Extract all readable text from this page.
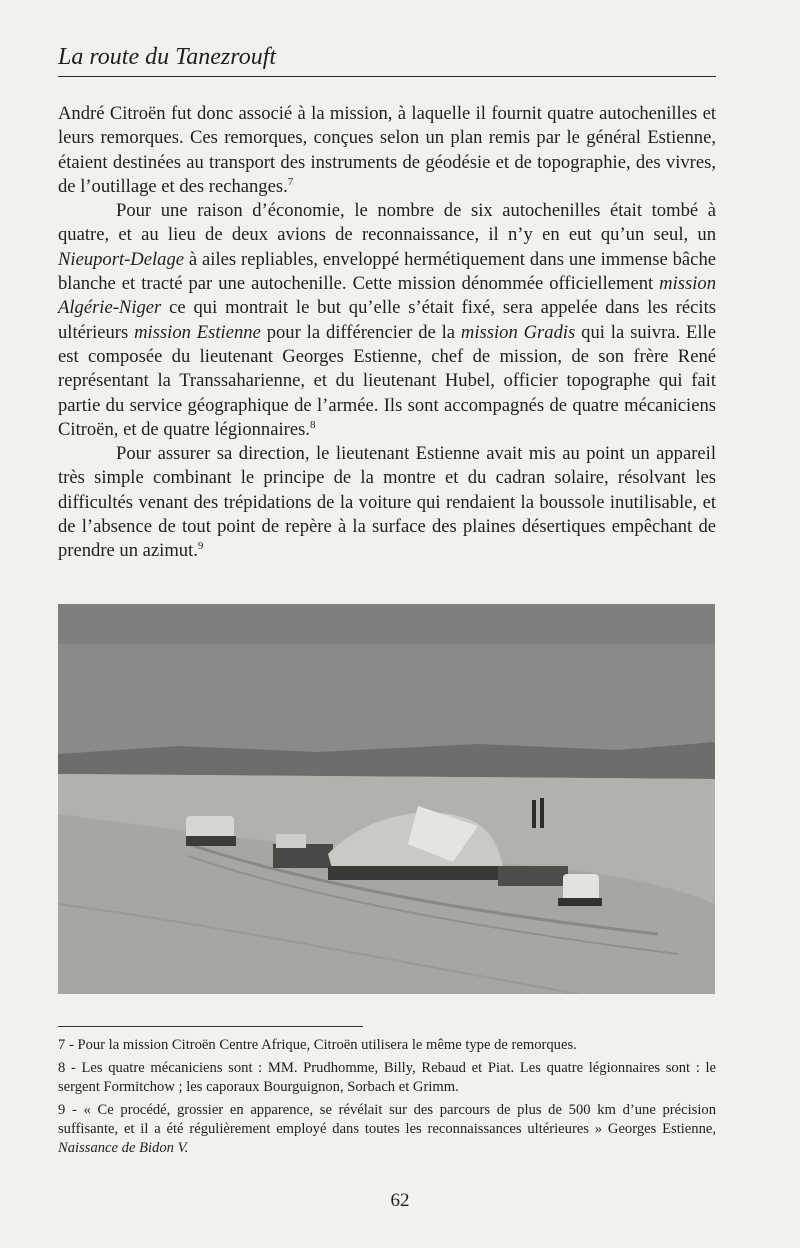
La route du Tanezrouft

André Citroën fut donc associé à la mission, à laquelle il fournit quatre autochenilles et leurs remorques. Ces remorques, conçues selon un plan remis par le général Estienne, étaient destinées au transport des instruments de géodésie et de topographie, des vivres, de l’outillage et des rechanges.$^7$

Pour une raison d’économie, le nombre de six autochenilles était tombé à quatre, et au lieu de deux avions de reconnaissance, il n’y en eut qu’un seul, un Nieuport-Delage à ailes repliables, enveloppé hermétiquement dans une immense bâche blanche et tracté par une autochenille. Cette mission dénommée officiellement mission Algérie-Niger ce qui montrait le but qu’elle s’était fixé, sera appelée dans les récits ultérieurs mission Estienne pour la différencier de la mission Gradis qui la suivra. Elle est composée du lieutenant Georges Estienne, chef de mission, de son frère René représentant la Transsaharienne, et du lieutenant Hubel, officier topographe qui fait partie du service géographique de l’armée. Ils sont accompagnés de quatre mécaniciens Citroën, et de quatre légionnaires.$^8$

Pour assurer sa direction, le lieutenant Estienne avait mis au point un appareil très simple combinant le principe de la montre et du cadran solaire, résolvant les difficultés venant des trépidations de la voiture qui rendaient la boussole inutilisable, et de l’absence de tout point de repère à la surface des plaines désertiques empêchant de prendre un azimut.$^9$

7 - Pour la mission Citroën Centre Afrique, Citroën utilisera le même type de remorques.

8 - Les quatre mécaniciens sont : MM. Prudhomme, Billy, Rebaud et Piat. Les quatre légionnaires sont : le sergent Formitchow ; les caporaux Bourguignon, Sorbach et Grimm.

9 - « Ce procédé, grossier en apparence, se révélait sur des parcours de plus de 500 km d’une précision suffisante, et il a été régulièrement employé dans toutes les reconnaissances ultérieures » Georges Estienne, Naissance de Bidon V.

62
